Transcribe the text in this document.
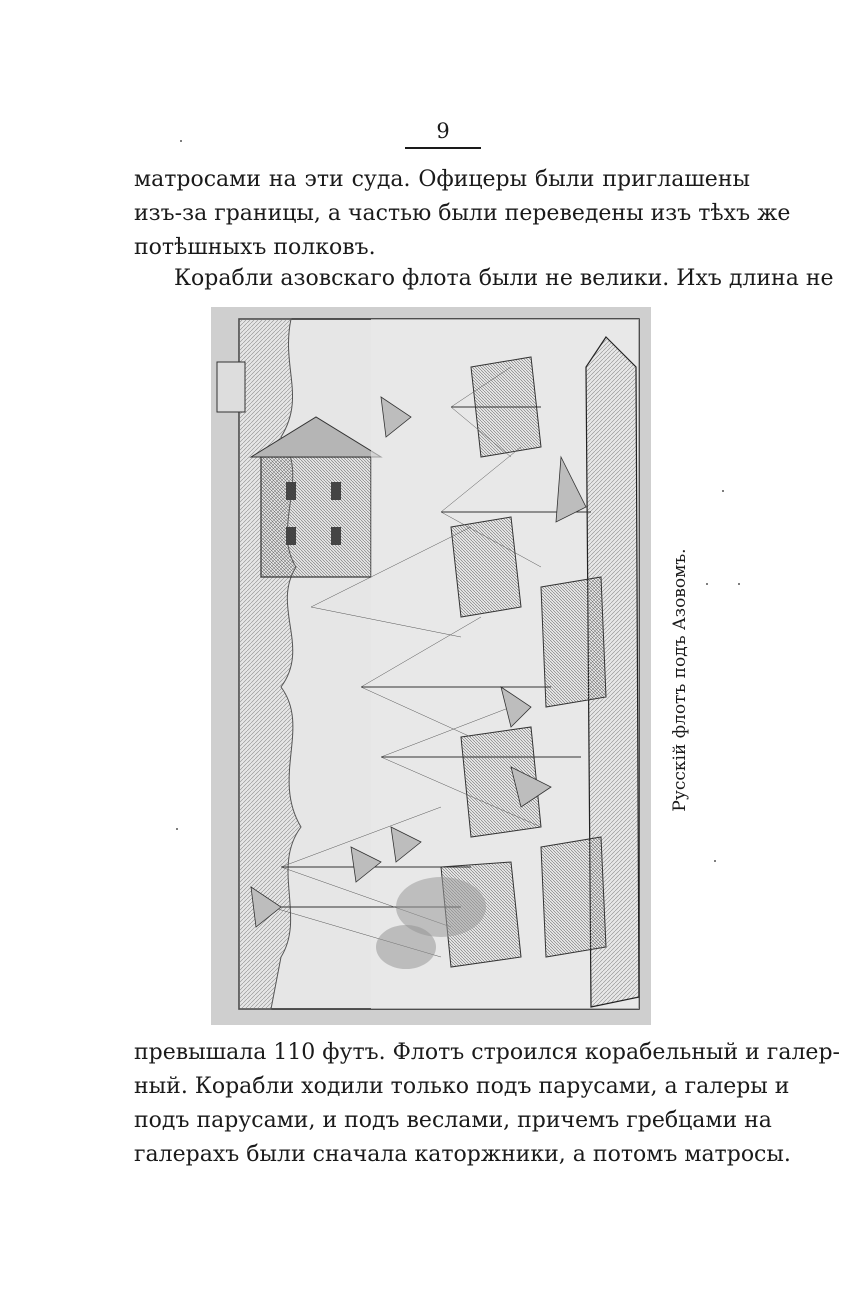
9
матросами на эти суда. Офицеры были приглашены
изъ-за границы, а частью были переведены изъ тѣхъ же
потѣшныхъ полковъ.
Корабли азовскаго флота были не велики. Ихъ длина не
Русскій флотъ подъ Азовомъ.
превышала 110 футъ. Флотъ строился корабельный и галер-
ный. Корабли ходили только подъ парусами, а галеры и
подъ парусами, и подъ веслами, причемъ гребцами на
галерахъ были сначала каторжники, а потомъ матросы.
